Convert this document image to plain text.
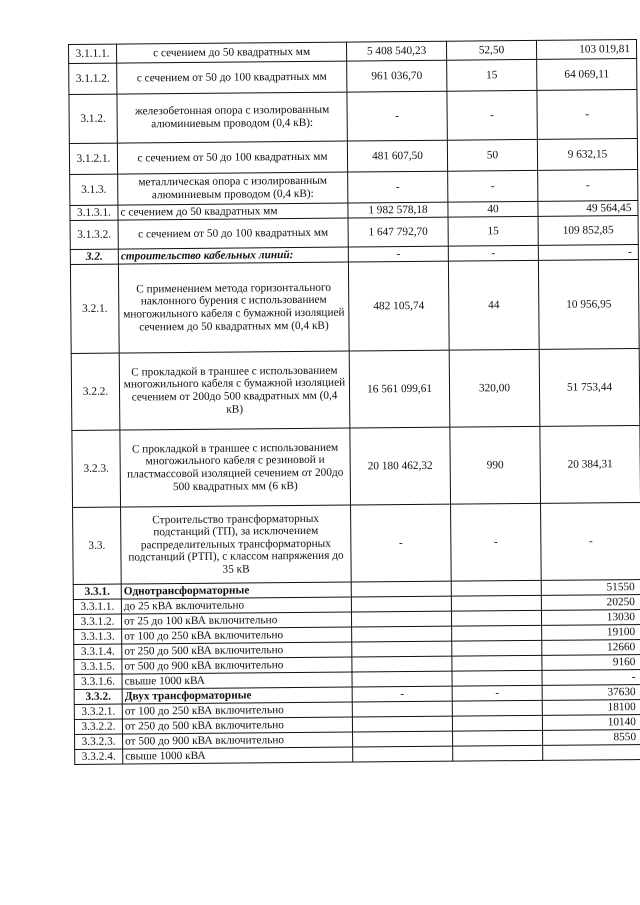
3.1.1.1.	с сечением до 50 квадратных мм	5 408 540,23	52,50	103 019,81
3.1.1.2.	с сечением от 50 до 100 квадратных мм	961 036,70	15	64 069,11
3.1.2.	железобетонная опора с изолированным алюминиевым проводом (0,4 кВ):	-	-	-
3.1.2.1.	с сечением от 50 до 100 квадратных мм	481 607,50	50	9 632,15
3.1.3.	металлическая опора с изолированным алюминиевым проводом (0,4 кВ):	-	-	-
3.1.3.1.	с сечением до 50 квадратных мм	1 982 578,18	40	49 564,45
3.1.3.2.	с сечением от 50 до 100 квадратных мм	1 647 792,70	15	109 852,85
3.2.	строительство кабельных линий:	-	-	-
3.2.1.	С применением метода горизонтального наклонного бурения с использованием многожильного кабеля с бумажной изоляцией сечением до 50 квадратных мм (0,4 кВ)	482 105,74	44	10 956,95
3.2.2.	С прокладкой в траншее с использованием многожильного кабеля с бумажной изоляцией сечением от 200до 500 квадратных мм (0,4 кВ)	16 561 099,61	320,00	51 753,44
3.2.3.	С прокладкой в траншее с использованием многожильного кабеля с резиновой и пластмассовой изоляцией сечением от 200до 500 квадратных мм (6 кВ)	20 180 462,32	990	20 384,31
3.3.	Строительство трансформаторных подстанций (ТП), за исключением распределительных трансформаторных подстанций (РТП), с классом напряжения до 35 кВ	-	-	-
3.3.1.	Однотрансформаторные			51550
3.3.1.1.	до 25 кВА включительно			20250
3.3.1.2.	от 25 до 100 кВА включительно			13030
3.3.1.3.	от 100 до 250 кВА включительно			19100
3.3.1.4.	от 250 до 500 кВА включительно			12660
3.3.1.5.	от 500 до 900 кВА включительно			9160
3.3.1.6.	свыше 1000 кВА			-
3.3.2.	Двух трансформаторные	-	-	37630
3.3.2.1.	от 100 до 250 кВА включительно			18100
3.3.2.2.	от 250 до 500 кВА включительно			10140
3.3.2.3.	от 500 до 900 кВА включительно			8550
3.3.2.4.	свыше 1000 кВА			
